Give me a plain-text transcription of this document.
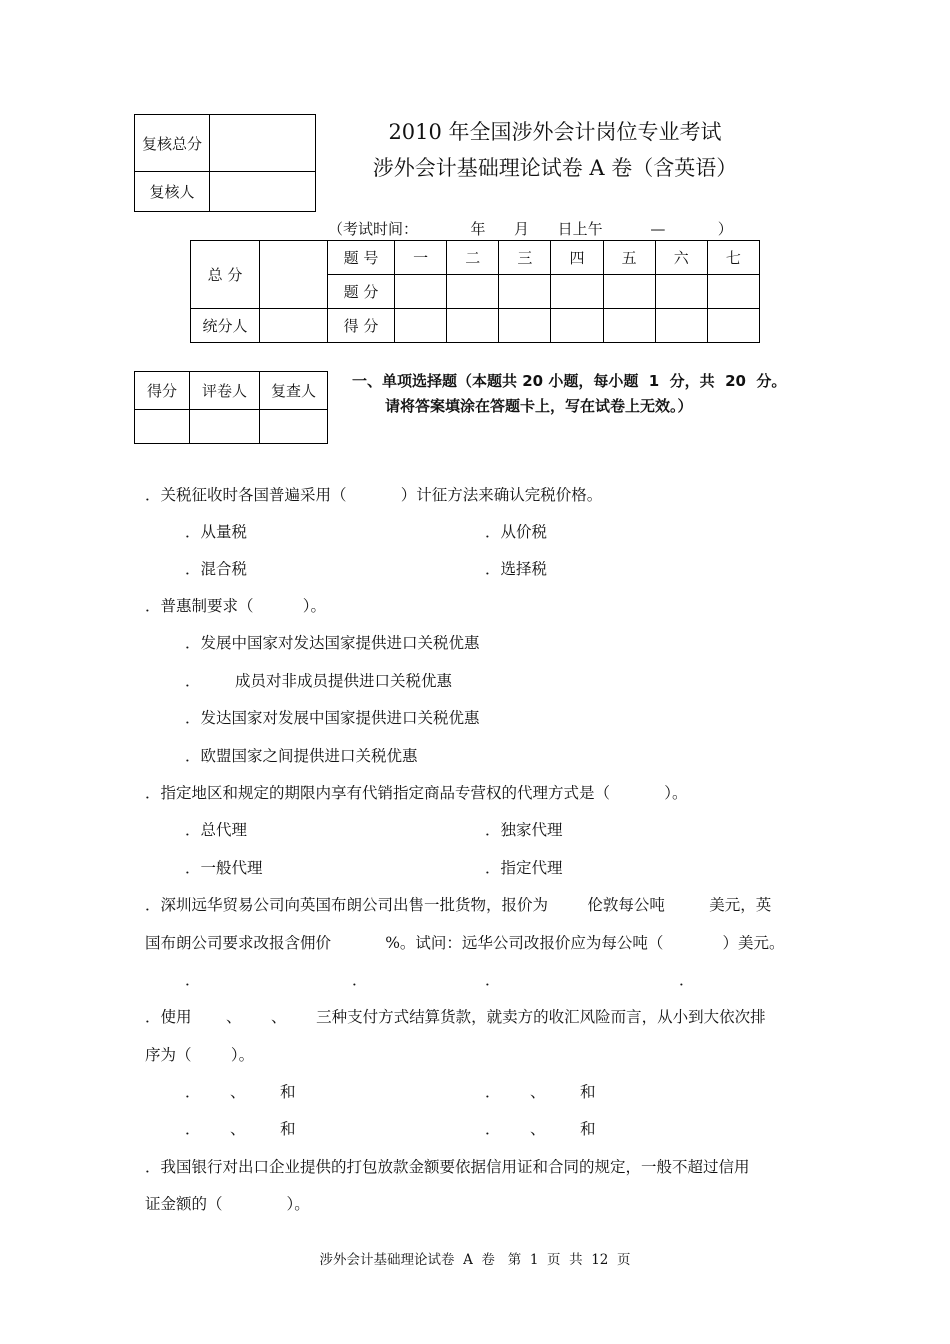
复核总分	
复核人	
2010 年全国涉外会计岗位专业考试
涉外会计基础理论试卷 A 卷（含英语）
（考试时间：           年      月      日上午          —           ）
总 分		题 号	一	二	三	四	五	六	七
		题 分							
统分人		得 分							
得分	评卷人	复查人

一、单项选择题（本题共 20 小题，每小题  1  分，共  20  分。
请将答案填涂在答题卡上，写在试卷上无效。）
．关税征收时各国普遍采用（           ）计征方法来确认完税价格。
．从量税	．从价税
．混合税	．选择税
．普惠制要求（          ）。
．发展中国家对发达国家提供进口关税优惠
．       成员对非成员提供进口关税优惠
．发达国家对发展中国家提供进口关税优惠
．欧盟国家之间提供进口关税优惠
．指定地区和规定的期限内享有代销指定商品专营权的代理方式是（           ）。
．总代理	．独家代理
．一般代理	．指定代理
．深圳远华贸易公司向英国布朗公司出售一批货物，报价为        伦敦每公吨         美元，英
国布朗公司要求改报含佣价           %。试问：远华公司改报价应为每公吨（            ）美元。
．	．	．	．
．使用       、      、      三种支付方式结算货款，就卖方的收汇风险而言，从小到大依次排
序为（        ）。
．      、       和	．      、       和
．      、       和	．      、       和
．我国银行对出口企业提供的打包放款金额要依据信用证和合同的规定，一般不超过信用
证金额的（             ）。
涉外会计基础理论试卷  A  卷   第  1  页  共  12  页
